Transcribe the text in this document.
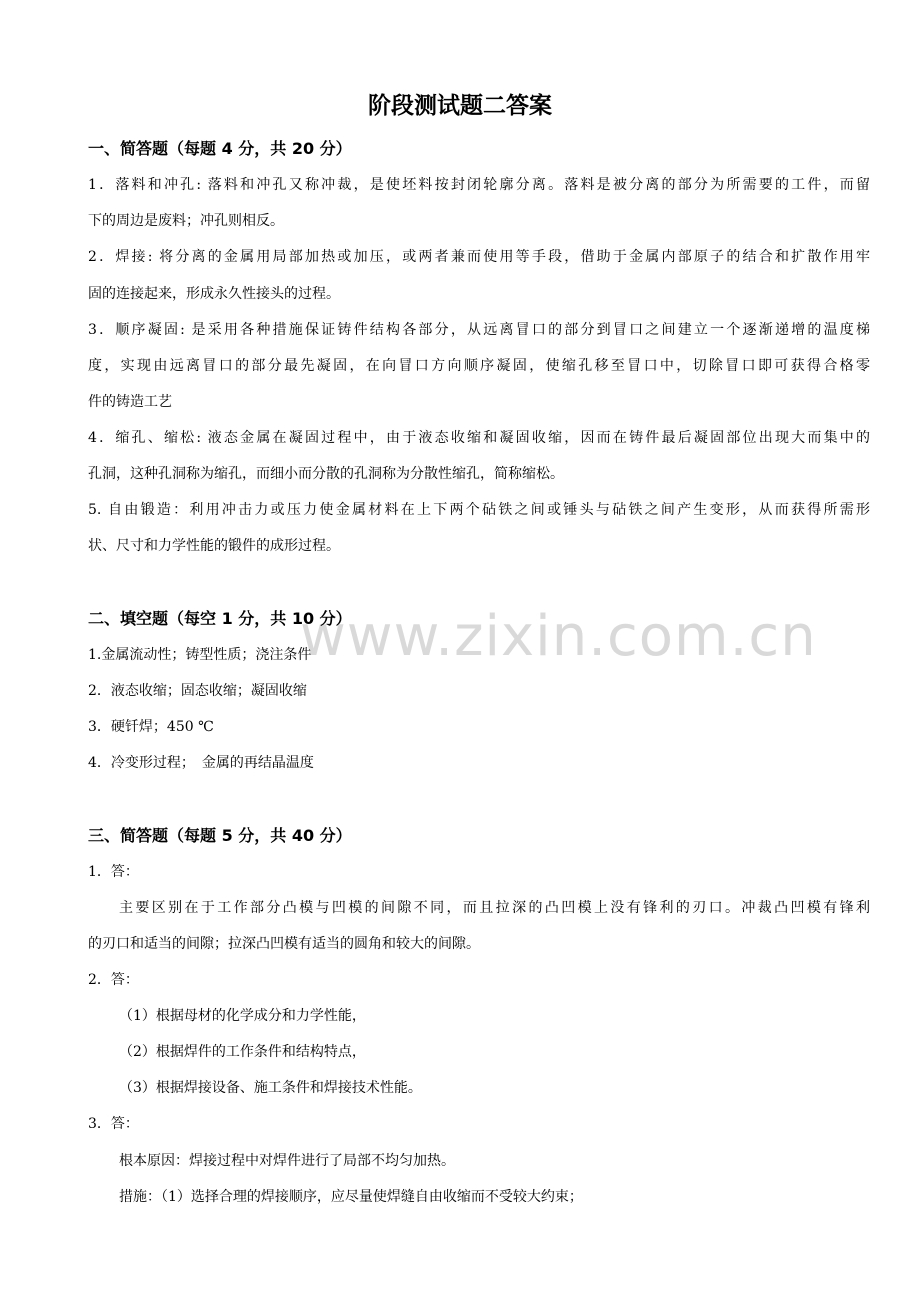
www.zixin.com.cn
阶段测试题二答案
一、简答题（每题 4 分，共 20 分）
1．落料和冲孔: 落料和冲孔又称冲裁，是使坯料按封闭轮廓分离。落料是被分离的部分为所需要的工件，而留
下的周边是废料；冲孔则相反。
2．焊接: 将分离的金属用局部加热或加压，或两者兼而使用等手段，借助于金属内部原子的结合和扩散作用牢
固的连接起来，形成永久性接头的过程。
3．顺序凝固: 是采用各种措施保证铸件结构各部分，从远离冒口的部分到冒口之间建立一个逐渐递增的温度梯
度，实现由远离冒口的部分最先凝固，在向冒口方向顺序凝固，使缩孔移至冒口中，切除冒口即可获得合格零
件的铸造工艺
4．缩孔、缩松: 液态金属在凝固过程中，由于液态收缩和凝固收缩，因而在铸件最后凝固部位出现大而集中的
孔洞，这种孔洞称为缩孔，而细小而分散的孔洞称为分散性缩孔，简称缩松。
5. 自由锻造：利用冲击力或压力使金属材料在上下两个砧铁之间或锤头与砧铁之间产生变形，从而获得所需形
状、尺寸和力学性能的锻件的成形过程。
二、填空题（每空 1 分，共 10 分）
1.金属流动性；铸型性质；浇注条件
2．液态收缩；固态收缩；凝固收缩
3．硬钎焊；450 ℃
4．冷变形过程；　金属的再结晶温度
三、简答题（每题 5 分，共 40 分）
1．答：
主要区别在于工作部分凸模与凹模的间隙不同，而且拉深的凸凹模上没有锋利的刃口。冲裁凸凹模有锋利
的刃口和适当的间隙；拉深凸凹模有适当的圆角和较大的间隙。
2．答：
（1）根据母材的化学成分和力学性能，
（2）根据焊件的工作条件和结构特点，
（3）根据焊接设备、施工条件和焊接技术性能。
3．答：
根本原因：焊接过程中对焊件进行了局部不均匀加热。
措施：（1）选择合理的焊接顺序，应尽量使焊缝自由收缩而不受较大约束；
